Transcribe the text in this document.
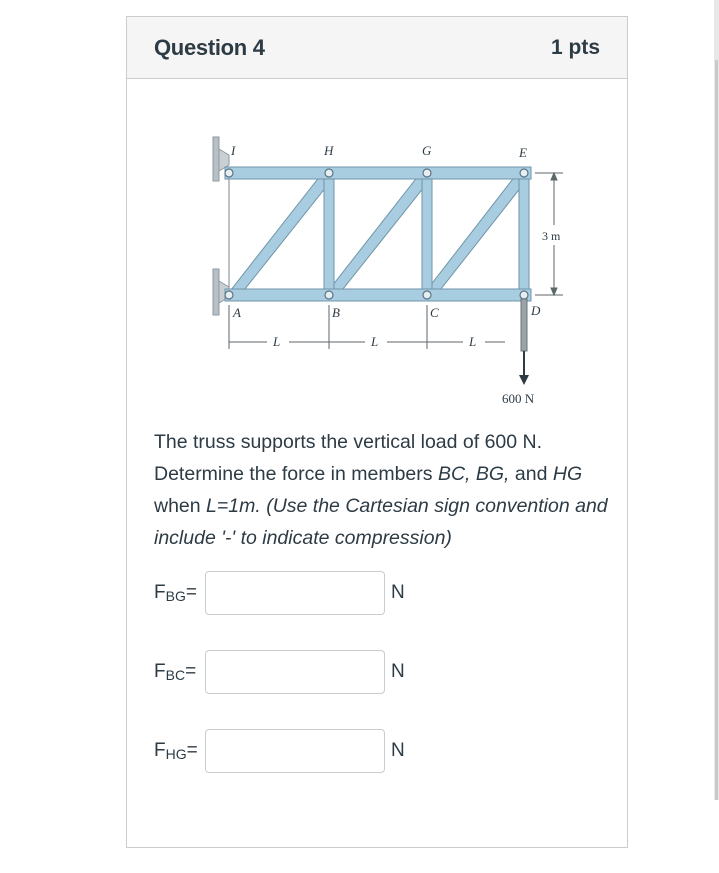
Question 4	1 pts
I	H	G	E
A	B	C	D
3 m
L	L	L
600 N
The truss supports the vertical load of 600 N.
Determine the force in members BC, BG, and HG
when L=1m. (Use the Cartesian sign convention and
include '-' to indicate compression)
$F_{BG}=$	N
$F_{BC}=$	N
$F_{HG}=$	N
